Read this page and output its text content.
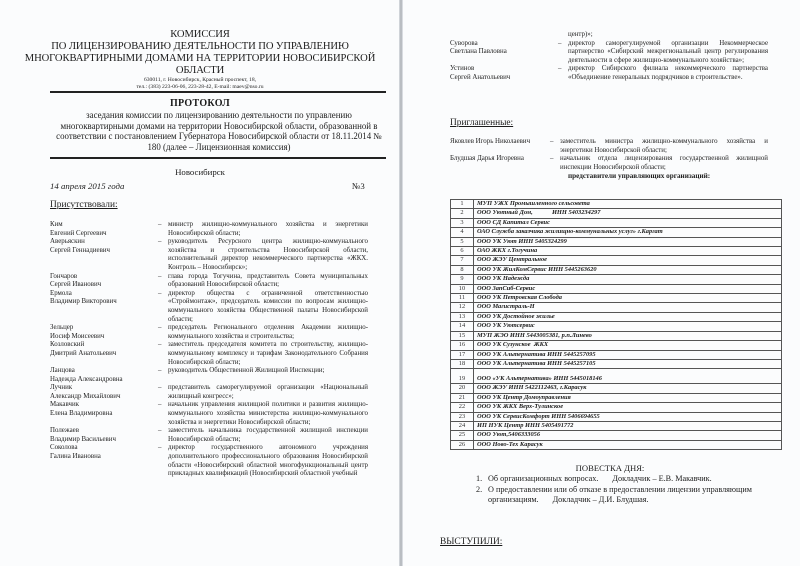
КОМИССИЯ
ПО ЛИЦЕНЗИРОВАНИЮ ДЕЯТЕЛЬНОСТИ ПО УПРАВЛЕНИЮ
МНОГОКВАРТИРНЫМИ ДОМАМИ НА ТЕРРИТОРИИ НОВОСИБИРСКОЙ
ОБЛАСТИ
630011, г. Новосибирск, Красный проспект, 18,
тел.: (383) 223-06-06, 223-28-42, E-mail: maev@nso.ru
ПРОТОКОЛ
заседания комиссии по лицензированию деятельности по управлению многоквартирными домами на территории Новосибирской области, образованной в соответствии с постановлением Губернатора Новосибирской области от 18.11.2014 № 180 (далее – Лицензионная комиссия)
Новосибирск
14 апреля 2015 года	№3
Присутствовали:
Ким
Евгений Сергеевич
– министр жилищно-коммунального хозяйства и энергетики Новосибирской области;
Аверьяскин
Сергей Геннадиевич
– руководитель Ресурсного центра жилищно-коммунального хозяйства и строительства Новосибирской области, исполнительный директор некоммерческого партнерства «ЖКХ. Контроль – Новосибирск»;
Гончаров
Сергей Иванович
– глава города Тогучина, представитель Совета муниципальных образований Новосибирской области;
Ермола
Владимир Викторович
– директор общества с ограниченной ответственностью «Строймонтаж», председатель комиссии по вопросам жилищно-коммунального хозяйства Общественной палаты Новосибирской области;
Зельцер
Иосиф Моисеевич
– председатель Регионального отделения Академии жилищно-коммунального хозяйства и строительства;
Козловский
Дмитрий Анатольевич
– заместитель председателя комитета по строительству, жилищно-коммунальному комплексу и тарифам Законодательного Собрания Новосибирской области;
Ланцова
Надежда Александровна
– руководитель Общественной Жилищной Инспекции;
Лучник
Александр Михайлович
– представитель саморегулируемой организации «Национальный жилищный конгресс»;
Макавчик
Елена Владимировна
– начальник управления жилищной политики и развития жилищно-коммунального хозяйства министерства жилищно-коммунального хозяйства и энергетики Новосибирской области;
Полежаев
Владимир Васильевич
– заместитель начальника государственной жилищной инспекции Новосибирской области;
Соколова
Галина Ивановна
– директор государственного автономного учреждения дополнительного профессионального образования Новосибирской области «Новосибирский областной многофункциональный центр прикладных квалификаций (Новосибирский областной учебный
центр)»;
Суворова
Светлана Павловна
– директор саморегулируемой организации Некоммерческое партнерство «Сибирский межрегиональный центр регулирования деятельности в сфере жилищно-коммунального хозяйства»;
Устинов
Сергей Анатольевич
– директор Сибирского филиала некоммерческого партнерства «Объединение генеральных подрядчиков в строительстве».
Приглашенные:
Яковлев Игорь Николаевич	– заместитель министра жилищно-коммунального хозяйства и энергетики Новосибирской области;
Блудшая Дарья Игоревна	– начальник отдела лицензирования государственной жилищной инспекции Новосибирской области;
представители управляющих организаций:
ВЫСТУПИЛИ:
1	МУП УЖХ Промышленного сельсовета
2	ООО Уютный Дом,            ИНН 5403234297
3	ООО СД Капитал Сервис
4	ОАО Служба заказчика жилищно-коммунальных услуг» г.Каргат
5	ООО УК Уют ИНН 5405324299
6	ОАО ЖКХ г.Тогучина
7	ООО ЖЭУ Центральное
8	ООО УК ЖилКомСервис ИНН 5445263620
9	ООО УК Надежда
10	ООО ЗапСиб-Сервис
11	ООО УК Петровская Слобода
12	ООО Магистраль-Н
13	ООО УК Достойное жилье
14	ООО УК Уютсервис
15	МУП ЖЭО ИНН 5443005381, р.п.Линево
16	ООО УК Сузунское  ЖКХ
17	ООО УК Альтернатива ИНН 5445257095
18	ООО УК Альтернатива ИНН 5445257105
19	ООО «УК Альтернатива» ИНН 5445018146
20	ООО ЖЭУ ИНН 5422112463, г.Карасук
21	ООО УК Центр Домоуправления
22	ООО УК ЖКХ Верх-Тулинское
23	ООО УК СервисКомфорт ИНН 5406694655
24	ИП НУК Центр ИНН 5405491772
25	ООО Уют,5406333056
26	ООО Ново-Тех Карасук
ПОВЕСТКА ДНЯ:
1. Об организационных вопросах. Докладчик – Е.В. Макавчик.
2. О предоставлении или об отказе в предоставлении лицензии управляющим организациям. Докладчик – Д.И. Блудшая.
